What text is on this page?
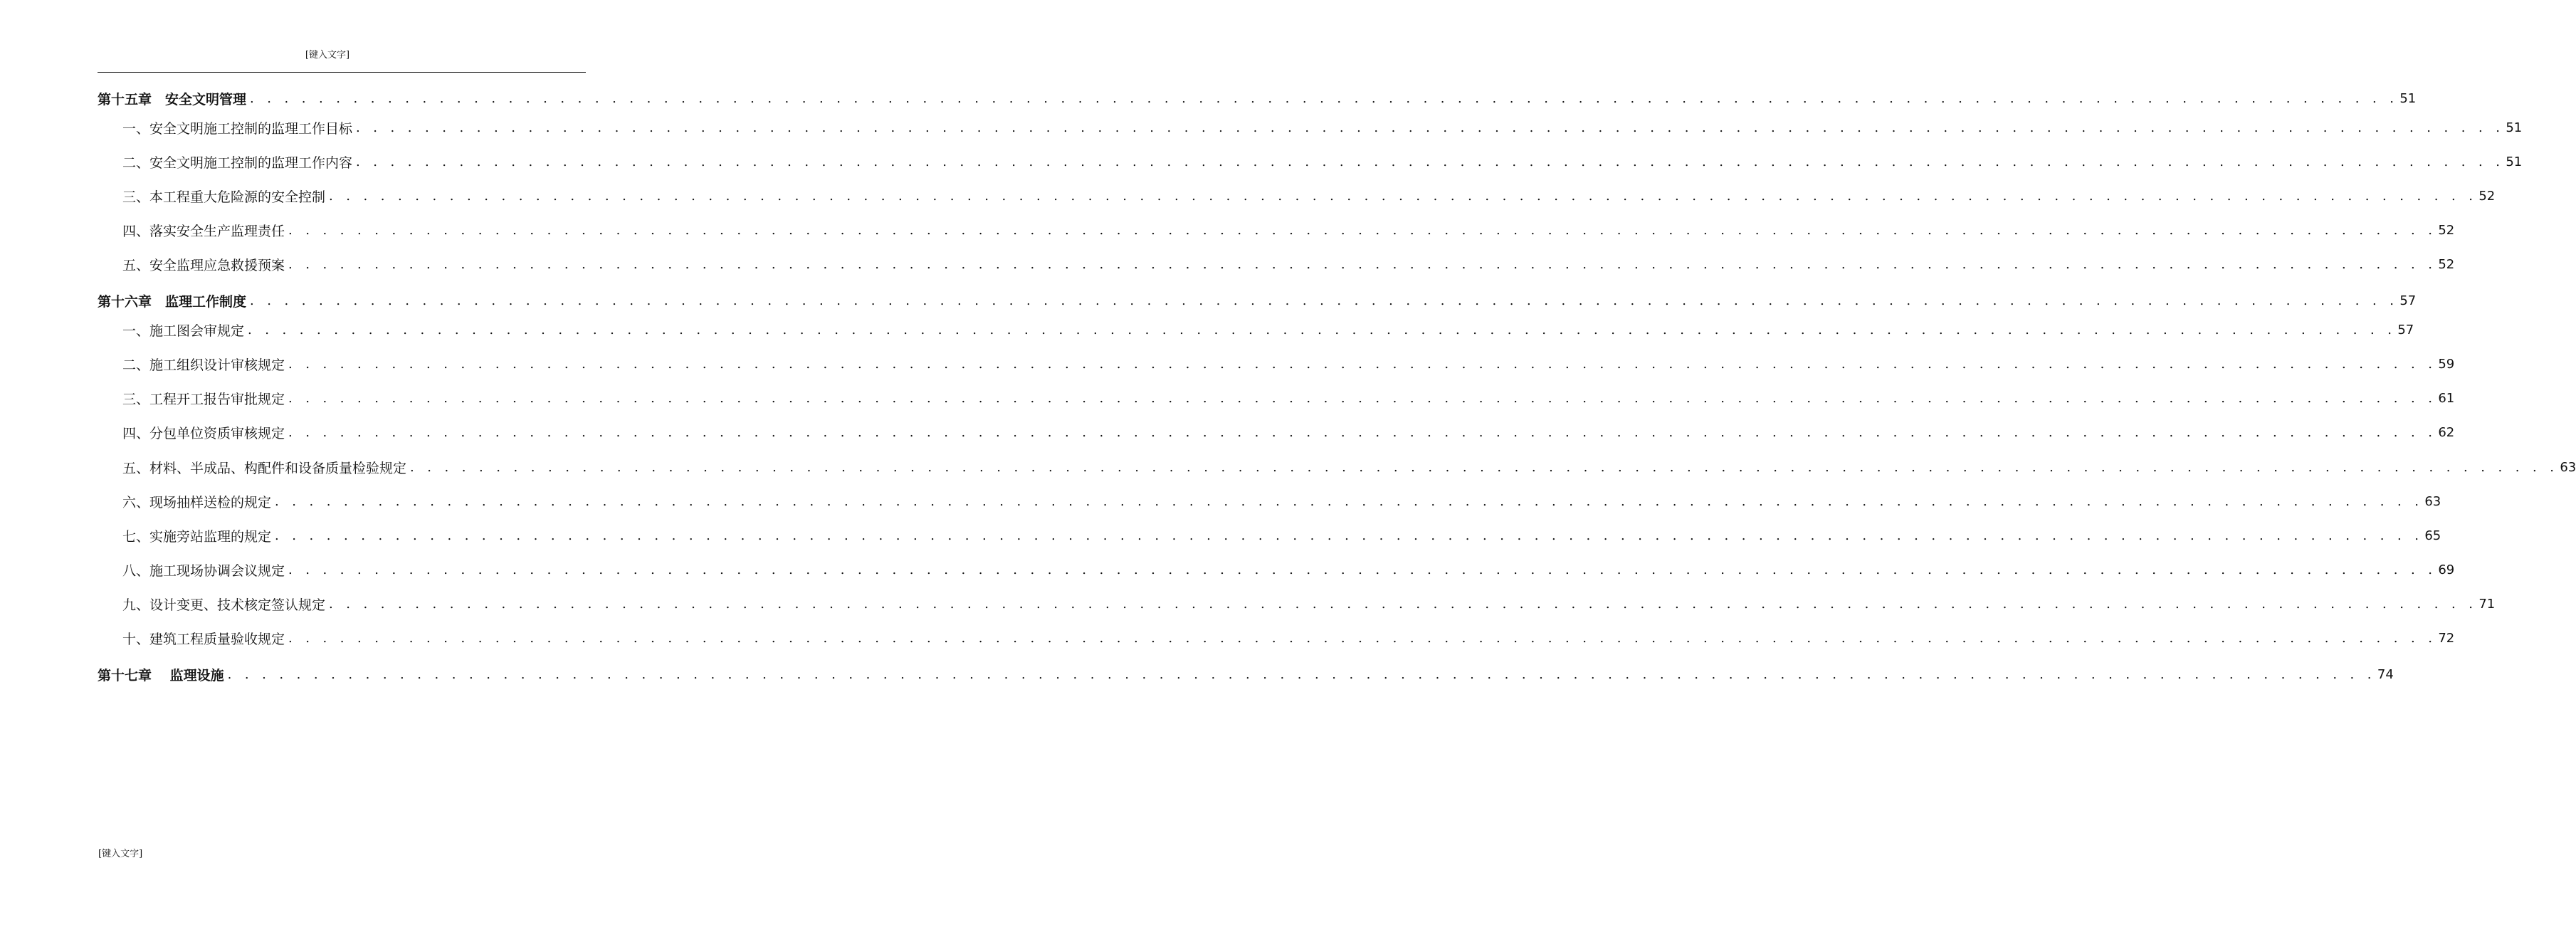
[键入文字]
第十五章　安全文明管理 . . . . . . . . . . . . . . . . . . . . . . . . . . . . . . . . . . . . . . . . . . . . . . . . . . . . . . . . . . . . . . . . . . . . . . . . . . . . . . . . . . . . . . . . . . . . . . . . . . . . . . . . . . . . . . . . . . . . . . . . . . . . . 51
一、安全文明施工控制的监理工作目标 . . . . . . . . . . . . . . . . . . . . . . . . . . . . . . . . . . . . . . . . . . . . . . . . . . . . . . . . . . . . . . . . . . . . . . . . . . . . . . . . . . . . . . . . . . . . . . . . . . . . . . . . . . . . . . . . . . . . . . . . . . . . . 51
二、安全文明施工控制的监理工作内容 . . . . . . . . . . . . . . . . . . . . . . . . . . . . . . . . . . . . . . . . . . . . . . . . . . . . . . . . . . . . . . . . . . . . . . . . . . . . . . . . . . . . . . . . . . . . . . . . . . . . . . . . . . . . . . . . . . . . . . . . . . . . . 51
三、本工程重大危险源的安全控制 . . . . . . . . . . . . . . . . . . . . . . . . . . . . . . . . . . . . . . . . . . . . . . . . . . . . . . . . . . . . . . . . . . . . . . . . . . . . . . . . . . . . . . . . . . . . . . . . . . . . . . . . . . . . . . . . . . . . . . . . . . . . . 52
四、落实安全生产监理责任 . . . . . . . . . . . . . . . . . . . . . . . . . . . . . . . . . . . . . . . . . . . . . . . . . . . . . . . . . . . . . . . . . . . . . . . . . . . . . . . . . . . . . . . . . . . . . . . . . . . . . . . . . . . . . . . . . . . . . . . . . . . . . 52
五、安全监理应急救援预案 . . . . . . . . . . . . . . . . . . . . . . . . . . . . . . . . . . . . . . . . . . . . . . . . . . . . . . . . . . . . . . . . . . . . . . . . . . . . . . . . . . . . . . . . . . . . . . . . . . . . . . . . . . . . . . . . . . . . . . . . . . . . . 52
第十六章　监理工作制度 . . . . . . . . . . . . . . . . . . . . . . . . . . . . . . . . . . . . . . . . . . . . . . . . . . . . . . . . . . . . . . . . . . . . . . . . . . . . . . . . . . . . . . . . . . . . . . . . . . . . . . . . . . . . . . . . . . . . . . . . . . . . . 57
一、施工图会审规定 . . . . . . . . . . . . . . . . . . . . . . . . . . . . . . . . . . . . . . . . . . . . . . . . . . . . . . . . . . . . . . . . . . . . . . . . . . . . . . . . . . . . . . . . . . . . . . . . . . . . . . . . . . . . . . . . . . . . . . . . . . . . . 57
二、施工组织设计审核规定 . . . . . . . . . . . . . . . . . . . . . . . . . . . . . . . . . . . . . . . . . . . . . . . . . . . . . . . . . . . . . . . . . . . . . . . . . . . . . . . . . . . . . . . . . . . . . . . . . . . . . . . . . . . . . . . . . . . . . . . . . . . . . 59
三、工程开工报告审批规定 . . . . . . . . . . . . . . . . . . . . . . . . . . . . . . . . . . . . . . . . . . . . . . . . . . . . . . . . . . . . . . . . . . . . . . . . . . . . . . . . . . . . . . . . . . . . . . . . . . . . . . . . . . . . . . . . . . . . . . . . . . . . . 61
四、分包单位资质审核规定 . . . . . . . . . . . . . . . . . . . . . . . . . . . . . . . . . . . . . . . . . . . . . . . . . . . . . . . . . . . . . . . . . . . . . . . . . . . . . . . . . . . . . . . . . . . . . . . . . . . . . . . . . . . . . . . . . . . . . . . . . . . . . 62
五、材料、半成品、构配件和设备质量检验规定 . . . . . . . . . . . . . . . . . . . . . . . . . . . . . . . . . . . . . . . . . . . . . . . . . . . . . . . . . . . . . . . . . . . . . . . . . . . . . . . . . . . . . . . . . . . . . . . . . . . . . . . . . . . . . . . . . . . . . . . . . . . . . 63
六、现场抽样送检的规定 . . . . . . . . . . . . . . . . . . . . . . . . . . . . . . . . . . . . . . . . . . . . . . . . . . . . . . . . . . . . . . . . . . . . . . . . . . . . . . . . . . . . . . . . . . . . . . . . . . . . . . . . . . . . . . . . . . . . . . . . . . . . . 63
七、实施旁站监理的规定 . . . . . . . . . . . . . . . . . . . . . . . . . . . . . . . . . . . . . . . . . . . . . . . . . . . . . . . . . . . . . . . . . . . . . . . . . . . . . . . . . . . . . . . . . . . . . . . . . . . . . . . . . . . . . . . . . . . . . . . . . . . . . 65
八、施工现场协调会议规定 . . . . . . . . . . . . . . . . . . . . . . . . . . . . . . . . . . . . . . . . . . . . . . . . . . . . . . . . . . . . . . . . . . . . . . . . . . . . . . . . . . . . . . . . . . . . . . . . . . . . . . . . . . . . . . . . . . . . . . . . . . . . . 69
九、设计变更、技术核定签认规定 . . . . . . . . . . . . . . . . . . . . . . . . . . . . . . . . . . . . . . . . . . . . . . . . . . . . . . . . . . . . . . . . . . . . . . . . . . . . . . . . . . . . . . . . . . . . . . . . . . . . . . . . . . . . . . . . . . . . . . . . . . . . . 71
十、建筑工程质量验收规定 . . . . . . . . . . . . . . . . . . . . . . . . . . . . . . . . . . . . . . . . . . . . . . . . . . . . . . . . . . . . . . . . . . . . . . . . . . . . . . . . . . . . . . . . . . . . . . . . . . . . . . . . . . . . . . . . . . . . . . . . . . . . . 72
第十七章　 监理设施 . . . . . . . . . . . . . . . . . . . . . . . . . . . . . . . . . . . . . . . . . . . . . . . . . . . . . . . . . . . . . . . . . . . . . . . . . . . . . . . . . . . . . . . . . . . . . . . . . . . . . . . . . . . . . . . . . . . . . . . . . . . . . 74
[键入文字]
